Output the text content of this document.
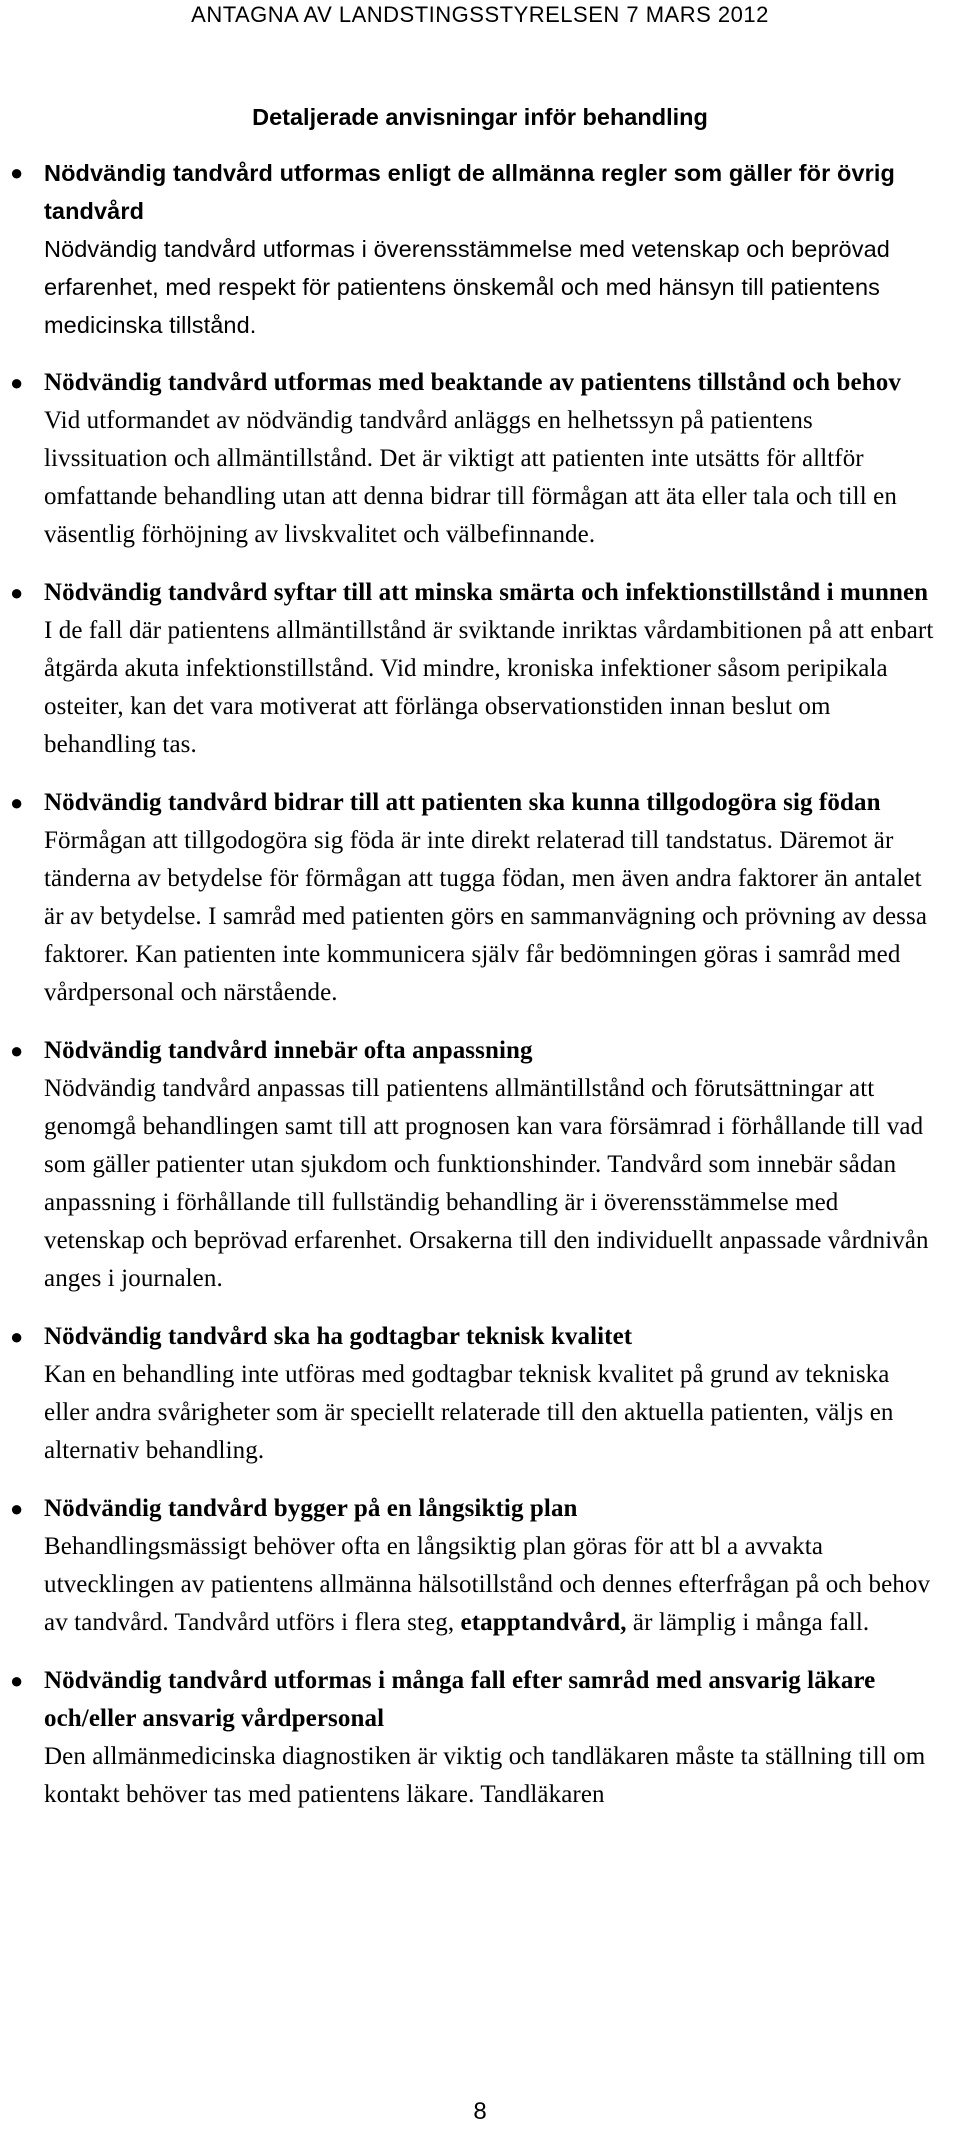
ANTAGNA AV LANDSTINGSSTYRELSEN 7 MARS 2012
Detaljerade anvisningar inför behandling
● Nödvändig tandvård utformas enligt de allmänna regler som gäller för övrig tandvård
Nödvändig tandvård utformas i överensstämmelse med vetenskap och beprövad erfarenhet, med respekt för patientens önskemål och med hänsyn till patientens medicinska tillstånd.
● Nödvändig tandvård utformas med beaktande av patientens tillstånd och behov
Vid utformandet av nödvändig tandvård anläggs en helhetssyn på patientens livssituation och allmäntillstånd. Det är viktigt att patienten inte utsätts för alltför omfattande behandling utan att denna bidrar till förmågan att äta eller tala och till en väsentlig förhöjning av livskvalitet och välbefinnande.
● Nödvändig tandvård syftar till att minska smärta och infektionstillstånd i munnen
I de fall där patientens allmäntillstånd är sviktande inriktas vårdambitionen på att enbart åtgärda akuta infektionstillstånd. Vid mindre, kroniska infektioner såsom peripikala osteiter, kan det vara motiverat att förlänga observationstiden innan beslut om behandling tas.
● Nödvändig tandvård bidrar till att patienten ska kunna tillgodogöra sig födan
Förmågan att tillgodogöra sig föda är inte direkt relaterad till tandstatus. Däremot är tänderna av betydelse för förmågan att tugga födan, men även andra faktorer än antalet är av betydelse. I samråd med patienten görs en sammanvägning och prövning av dessa faktorer. Kan patienten inte kommunicera själv får bedömningen göras i samråd med vårdpersonal och närstående.
● Nödvändig tandvård innebär ofta anpassning
Nödvändig tandvård anpassas till patientens allmäntillstånd och förutsättningar att genomgå behandlingen samt till att prognosen kan vara försämrad i förhållande till vad som gäller patienter utan sjukdom och funktionshinder. Tandvård som innebär sådan anpassning i förhållande till fullständig behandling är i överensstämmelse med vetenskap och beprövad erfarenhet. Orsakerna till den individuellt anpassade vårdnivån anges i journalen.
● Nödvändig tandvård ska ha godtagbar teknisk kvalitet
Kan en behandling inte utföras med godtagbar teknisk kvalitet på grund av tekniska eller andra svårigheter som är speciellt relaterade till den aktuella patienten, väljs en alternativ behandling.
● Nödvändig tandvård bygger på en långsiktig plan
Behandlingsmässigt behöver ofta en långsiktig plan göras för att bl a avvakta utvecklingen av patientens allmänna hälsotillstånd och dennes efterfrågan på och behov av tandvård. Tandvård utförs i flera steg, etapptandvård, är lämplig i många fall.
● Nödvändig tandvård utformas i många fall efter samråd med ansvarig läkare och/eller ansvarig vårdpersonal
Den allmänmedicinska diagnostiken är viktig och tandläkaren måste ta ställning till om kontakt behöver tas med patientens läkare. Tandläkaren
8
